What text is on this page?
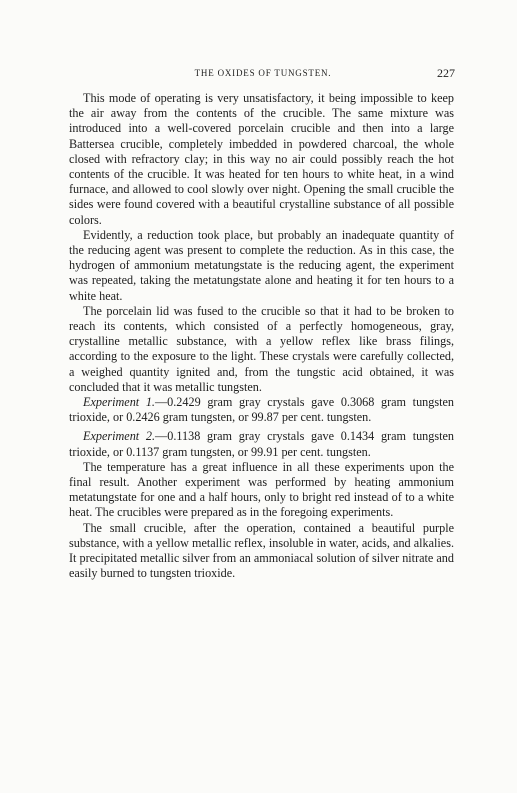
THE OXIDES OF TUNGSTEN.	227

This mode of operating is very unsatisfactory, it being impossible to keep the air away from the contents of the crucible. The same mixture was introduced into a well-covered porcelain crucible and then into a large Battersea crucible, completely imbedded in powdered charcoal, the whole closed with refractory clay; in this way no air could possibly reach the hot contents of the crucible. It was heated for ten hours to white heat, in a wind furnace, and allowed to cool slowly over night. Opening the small crucible the sides were found covered with a beautiful crystalline substance of all possible colors.

Evidently, a reduction took place, but probably an inadequate quantity of the reducing agent was present to complete the reduction. As in this case, the hydrogen of ammonium metatungstate is the reducing agent, the experiment was repeated, taking the metatungstate alone and heating it for ten hours to a white heat.

The porcelain lid was fused to the crucible so that it had to be broken to reach its contents, which consisted of a perfectly homogeneous, gray, crystalline metallic substance, with a yellow reflex like brass filings, according to the exposure to the light. These crystals were carefully collected, a weighed quantity ignited and, from the tungstic acid obtained, it was concluded that it was metallic tungsten.

Experiment 1.—0.2429 gram gray crystals gave 0.3068 gram tungsten trioxide, or 0.2426 gram tungsten, or 99.87 per cent. tungsten.

Experiment 2.—0.1138 gram gray crystals gave 0.1434 gram tungsten trioxide, or 0.1137 gram tungsten, or 99.91 per cent. tungsten.

The temperature has a great influence in all these experiments upon the final result. Another experiment was performed by heating ammonium metatungstate for one and a half hours, only to bright red instead of to a white heat. The crucibles were prepared as in the foregoing experiments.

The small crucible, after the operation, contained a beautiful purple substance, with a yellow metallic reflex, insoluble in water, acids, and alkalies. It precipitated metallic silver from an ammoniacal solution of silver nitrate and easily burned to tungsten trioxide.
